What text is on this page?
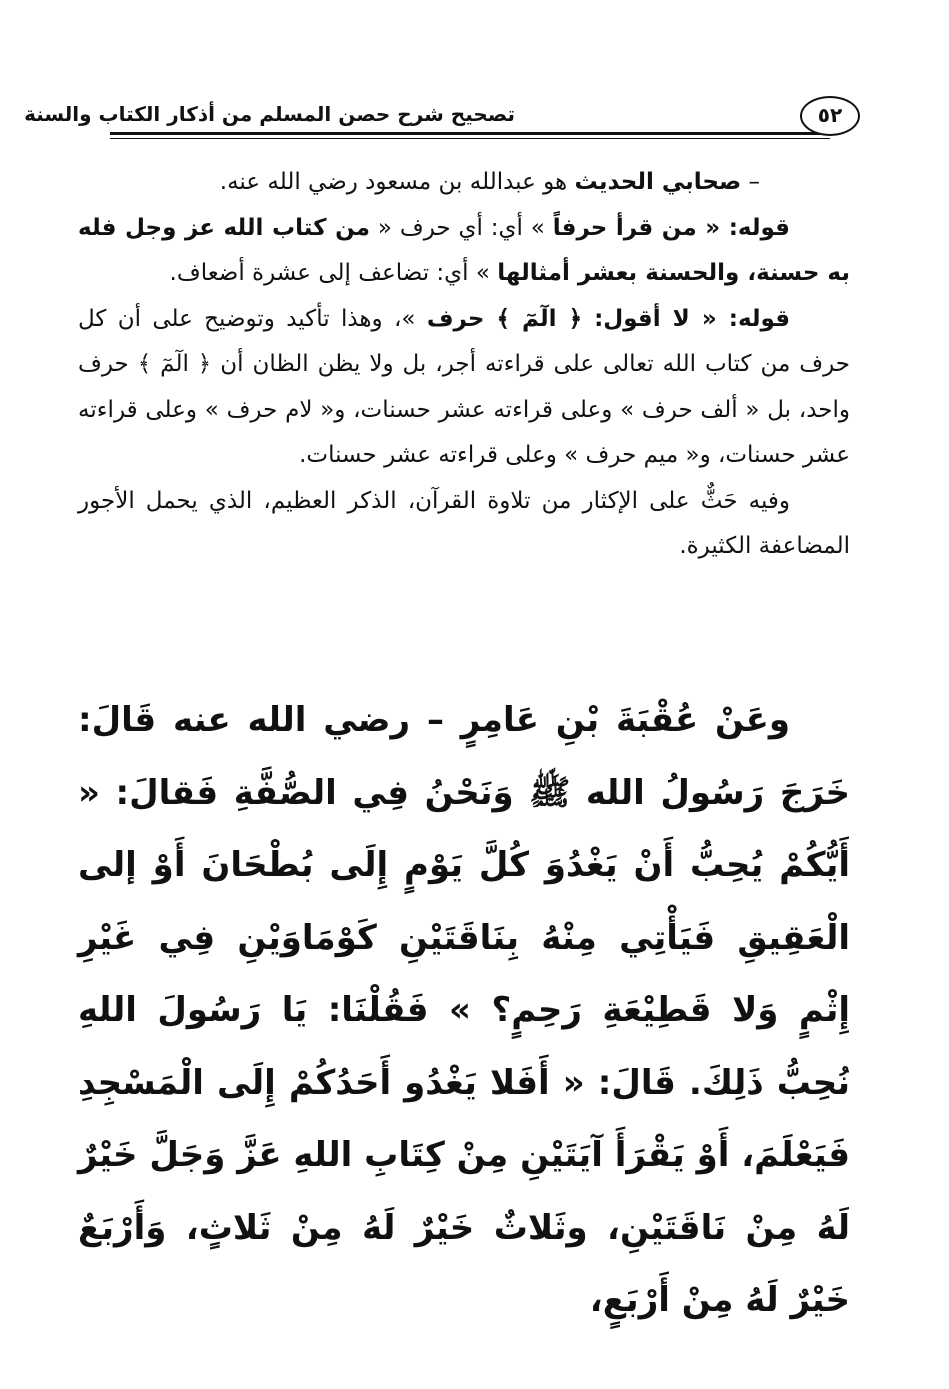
تصحيح شرح حصن المسلم من أذكار الكتاب والسنة	٥٢

– صحابي الحديث هو عبدالله بن مسعود رضي الله عنه.

قوله: « من قرأ حرفاً » أي: أي حرف « من كتاب الله عز وجل فله به حسنة، والحسنة بعشر أمثالها » أي: تضاعف إلى عشرة أضعاف.

قوله: « لا أقول: ﴿ الٓمٓ ﴾ حرف »، وهذا تأكيد وتوضيح على أن كل حرف من كتاب الله تعالى على قراءته أجر، بل ولا يظن الظان أن ﴿ الٓمٓ ﴾ حرف واحد، بل « ألف حرف » وعلى قراءته عشر حسنات، و« لام حرف » وعلى قراءته عشر حسنات، و« ميم حرف » وعلى قراءته عشر حسنات.

وفيه حَثٌّ على الإكثار من تلاوة القرآن، الذكر العظيم، الذي يحمل الأجور المضاعفة الكثيرة.

وعَنْ عُقْبَةَ بْنِ عَامِرٍ – رضي الله عنه قَالَ: خَرَجَ رَسُولُ الله ﷺ وَنَحْنُ فِي الصُّفَّةِ فَقالَ: « أَيُّكُمْ يُحِبُّ أَنْ يَغْدُوَ كُلَّ يَوْمٍ إِلَى بُطْحَانَ أَوْ إلى الْعَقِيقِ فَيَأْتِي مِنْهُ بِنَاقَتَيْنِ كَوْمَاوَيْنِ فِي غَيْرِ إِثْمٍ وَلا قَطِيْعَةِ رَحِمٍ؟ » فَقُلْنَا: يَا رَسُولَ اللهِ نُحِبُّ ذَلِكَ. قَالَ: « أَفَلا يَغْدُو أَحَدُكُمْ إِلَى الْمَسْجِدِ فَيَعْلَمَ، أَوْ يَقْرَأَ آيَتَيْنِ مِنْ كِتَابِ اللهِ عَزَّ وَجَلَّ خَيْرٌ لَهُ مِنْ نَاقَتَيْنِ، وثَلاثٌ خَيْرٌ لَهُ مِنْ ثَلاثٍ، وَأَرْبَعٌ خَيْرٌ لَهُ مِنْ أَرْبَعٍ،
